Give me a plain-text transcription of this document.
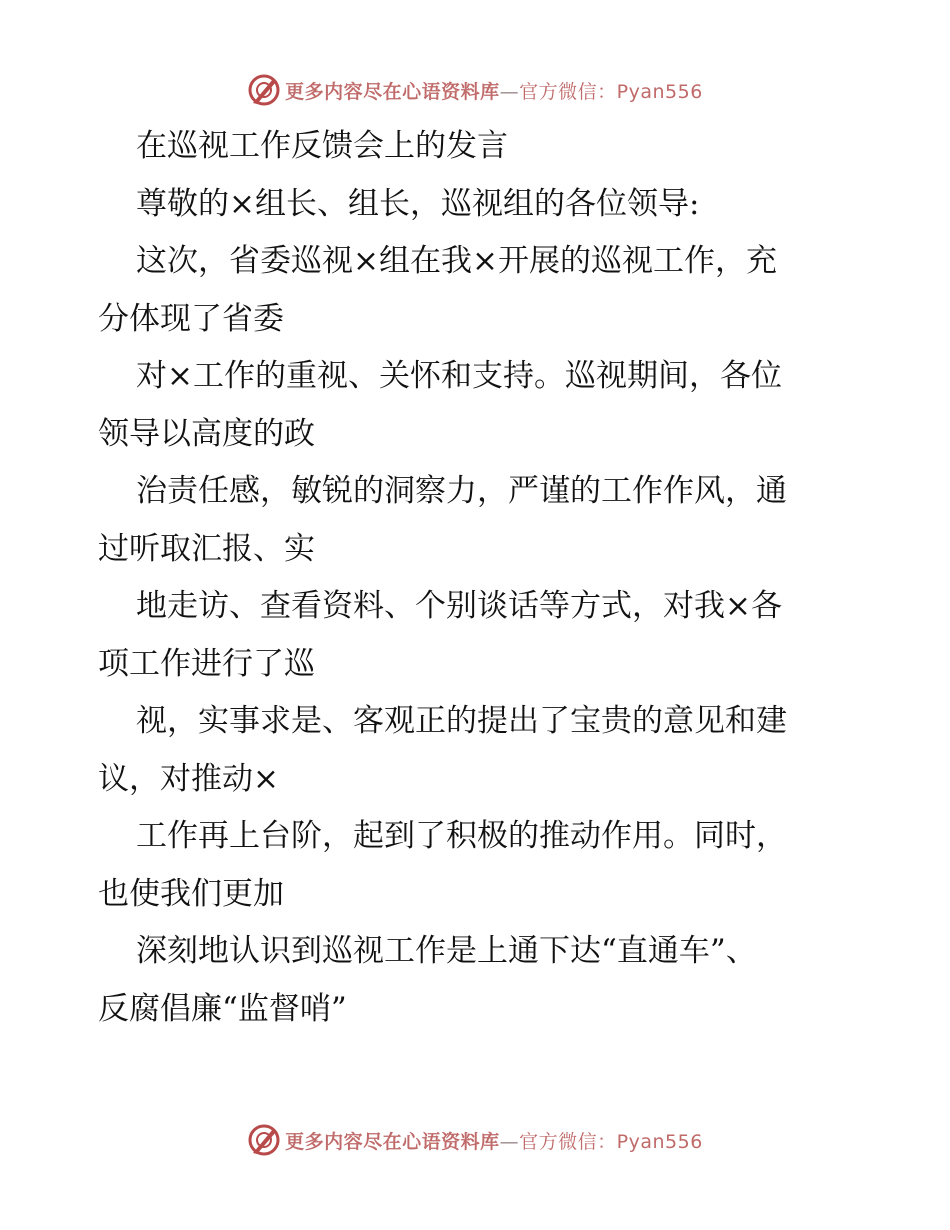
更多内容尽在心语资料库—官方微信：Pyan556
在巡视工作反馈会上的发言
尊敬的×组长、组长，巡视组的各位领导:
这次，省委巡视×组在我×开展的巡视工作，充
分体现了省委
对×工作的重视、关怀和支持。巡视期间，各位
领导以高度的政
治责任感，敏锐的洞察力，严谨的工作作风，通
过听取汇报、实
地走访、查看资料、个别谈话等方式，对我×各
项工作进行了巡
视，实事求是、客观正的提出了宝贵的意见和建
议，对推动×
工作再上台阶，起到了积极的推动作用。同时，
也使我们更加
深刻地认识到巡视工作是上通下达“直通车”、
反腐倡廉“监督哨”
更多内容尽在心语资料库—官方微信：Pyan556
